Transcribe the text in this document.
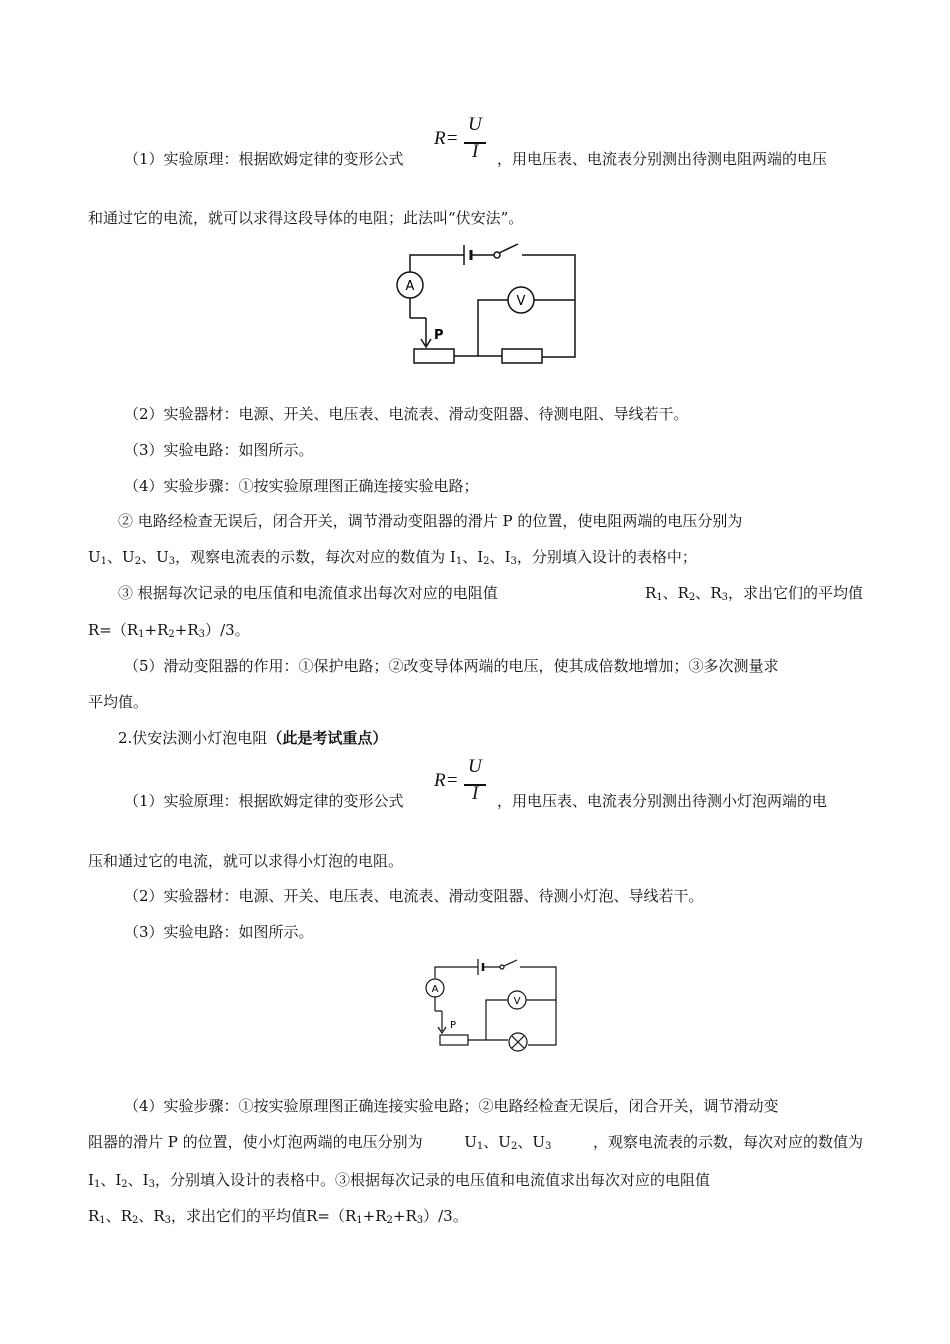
R=
U
I
（1）实验原理：根据欧姆定律的变形公式	，用电压表、电流表分别测出待测电阻两端的电压
和通过它的电流，就可以求得这段导体的电阻；此法叫“伏安法”。
A
V
P
（2）实验器材：电源、开关、电压表、电流表、滑动变阻器、待测电阻、导线若干。
（3）实验电路：如图所示。
（4）实验步骤：①按实验原理图正确连接实验电路；
② 电路经检查无误后，闭合开关，调节滑动变阻器的滑片 P 的位置，使电阻两端的电压分别为
$U_1$、$U_2$、$U_3$，观察电流表的示数，每次对应的数值为 $I_1$、$I_2$、$I_3$，分别填入设计的表格中；
③ 根据每次记录的电压值和电流值求出每次对应的电阻值	$R_1$、$R_2$、$R_3$，求出它们的平均值
$R=(R_1+R_2+R_3)/3$。
（5）滑动变阻器的作用：①保护电路；②改变导体两端的电压，使其成倍数地增加；③多次测量求
平均值。
2.伏安法测小灯泡电阻（此是考试重点）
R=
U
I
（1）实验原理：根据欧姆定律的变形公式	，用电压表、电流表分别测出待测小灯泡两端的电
压和通过它的电流，就可以求得小灯泡的电阻。
（2）实验器材：电源、开关、电压表、电流表、滑动变阻器、待测小灯泡、导线若干。
（3）实验电路：如图所示。
A
V
P
（4）实验步骤：①按实验原理图正确连接实验电路；②电路经检查无误后，闭合开关，调节滑动变
阻器的滑片 P 的位置，使小灯泡两端的电压分别为	$U_1$、$U_2$、$U_3$	，观察电流表的示数，每次对应的数值为
$I_1$、$I_2$、$I_3$，分别填入设计的表格中。③根据每次记录的电压值和电流值求出每次对应的电阻值
$R_1$、$R_2$、$R_3$，求出它们的平均值$R=(R_1+R_2+R_3)/3$。
